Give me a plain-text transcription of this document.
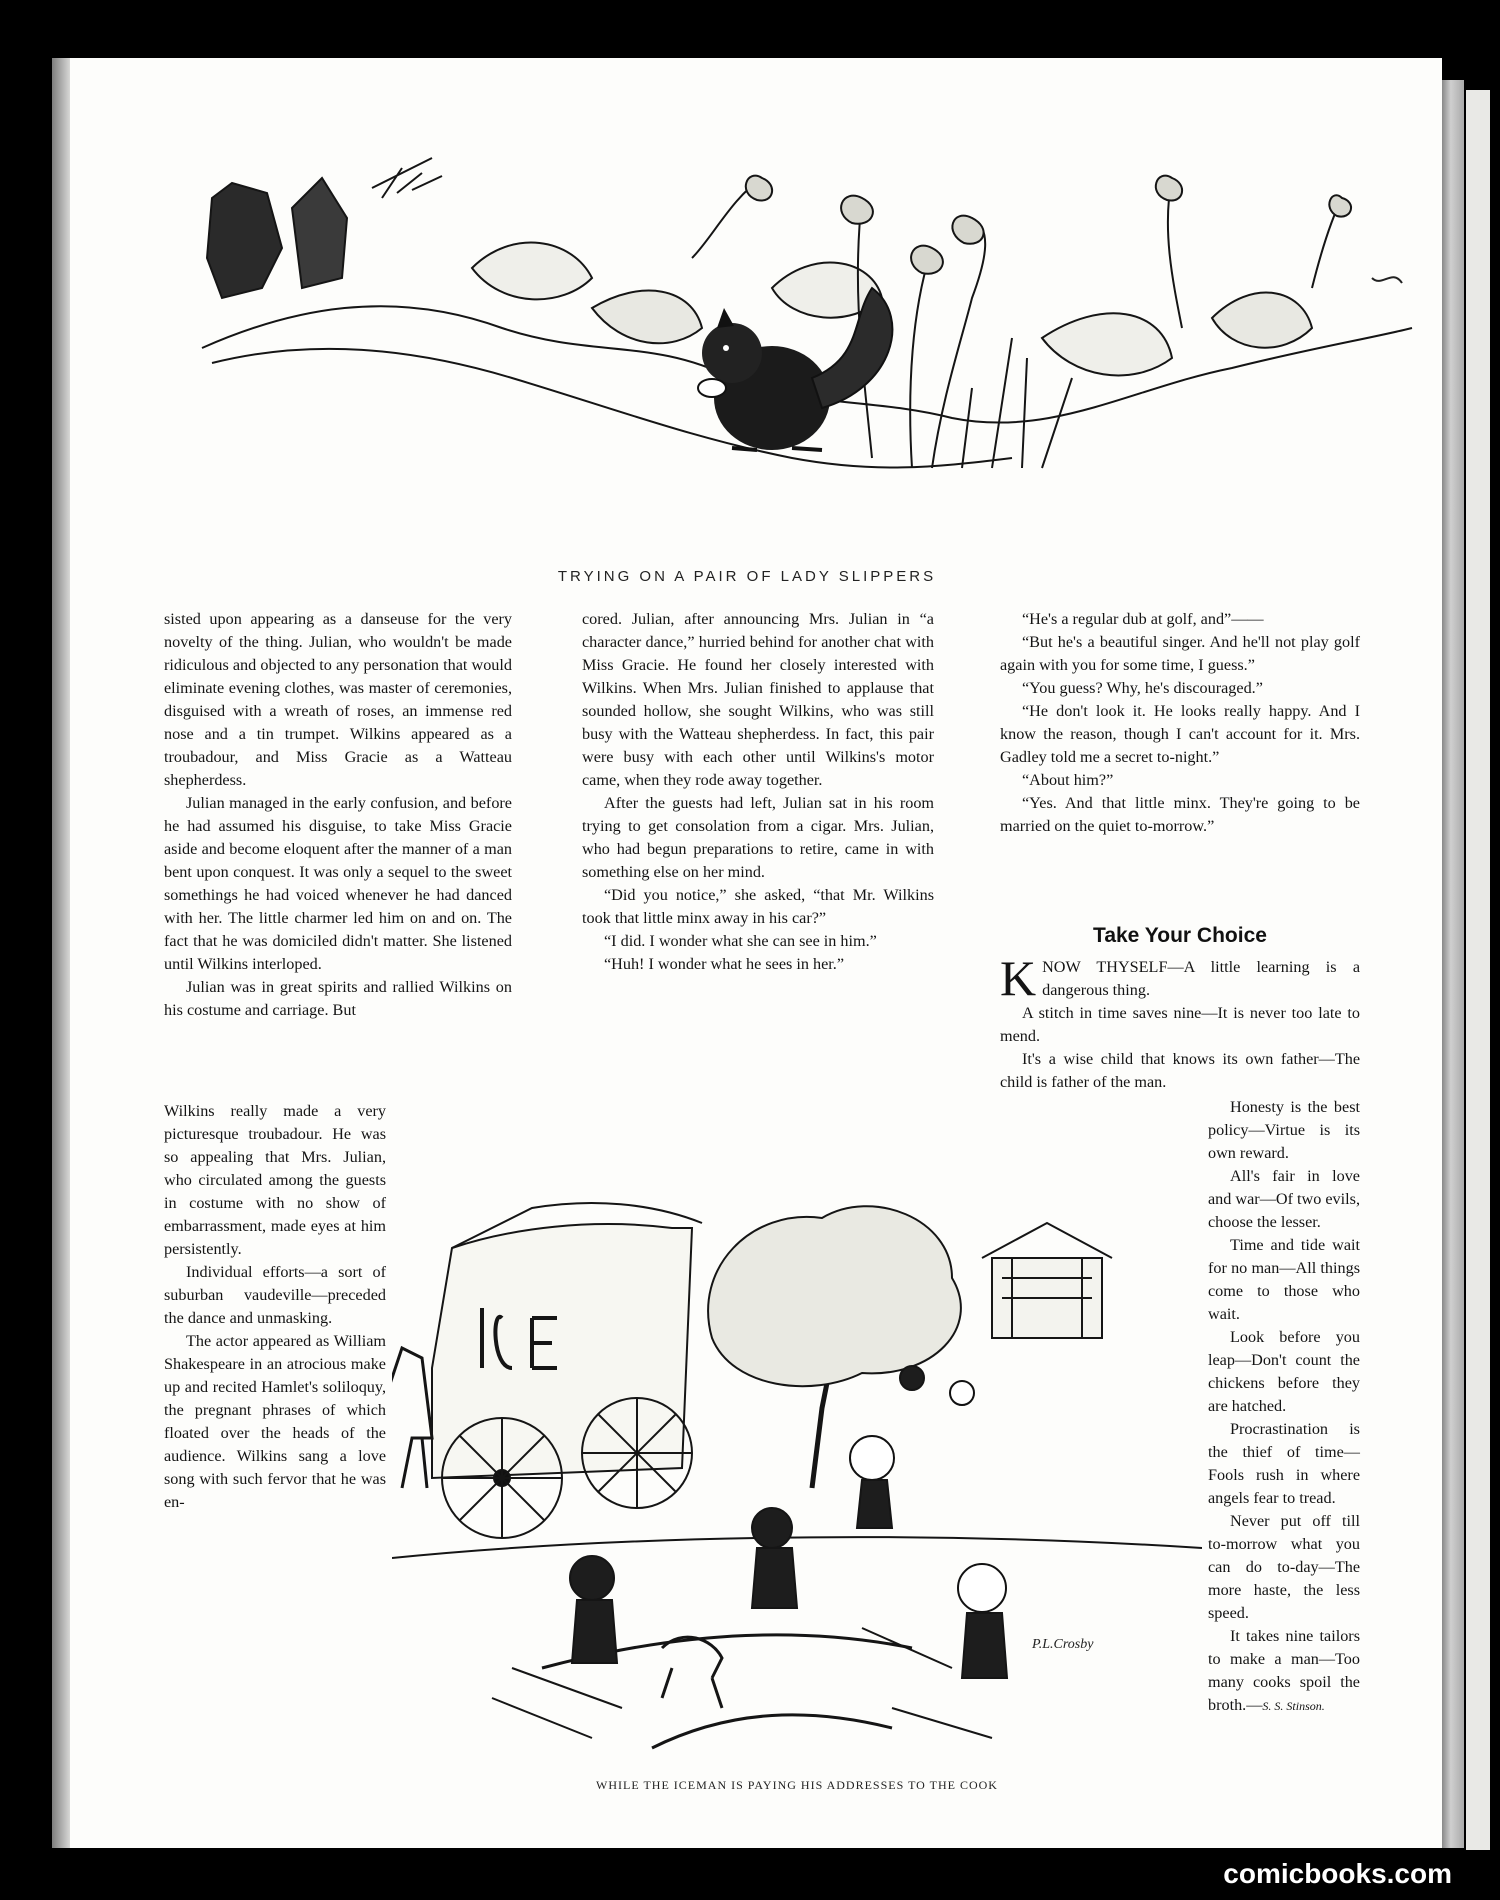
TRYING ON A PAIR OF LADY SLIPPERS

sisted upon appearing as a danseuse for the very novelty of the thing. Julian, who wouldn't be made ridiculous and objected to any personation that would eliminate evening clothes, was master of ceremonies, disguised with a wreath of roses, an immense red nose and a tin trumpet. Wilkins appeared as a troubadour, and Miss Gracie as a Watteau shepherdess.

Julian managed in the early confusion, and before he had assumed his disguise, to take Miss Gracie aside and become eloquent after the manner of a man bent upon conquest. It was only a sequel to the sweet somethings he had voiced whenever he had danced with her. The little charmer led him on and on. The fact that he was domiciled didn't matter. She listened until Wilkins interloped.

Julian was in great spirits and rallied Wilkins on his costume and carriage. But

Wilkins really made a very picturesque troubadour. He was so appealing that Mrs. Julian, who circulated among the guests in costume with no show of embarrassment, made eyes at him persistently.

Individual efforts—a sort of suburban vaudeville—preceded the dance and unmasking.

The actor appeared as William Shakespeare in an atrocious make up and recited Hamlet's soliloquy, the pregnant phrases of which floated over the heads of the audience. Wilkins sang a love song with such fervor that he was en-

cored. Julian, after announcing Mrs. Julian in “a character dance,” hurried behind for another chat with Miss Gracie. He found her closely interested with Wilkins. When Mrs. Julian finished to applause that sounded hollow, she sought Wilkins, who was still busy with the Watteau shepherdess. In fact, this pair were busy with each other until Wilkins's motor came, when they rode away together.

After the guests had left, Julian sat in his room trying to get consolation from a cigar. Mrs. Julian, who had begun preparations to retire, came in with something else on her mind.

“Did you notice,” she asked, “that Mr. Wilkins took that little minx away in his car?”

“I did. I wonder what she can see in him.”

“Huh! I wonder what he sees in her.”

“He's a regular dub at golf, and”——

“But he's a beautiful singer. And he'll not play golf again with you for some time, I guess.”

“You guess? Why, he's discouraged.”

“He don't look it. He looks really happy. And I know the reason, though I can't account for it. Mrs. Gadley told me a secret to-night.”

“About him?”

“Yes. And that little minx. They're going to be married on the quiet to-morrow.”

Take Your Choice

KNOW THYSELF—A little learning is a dangerous thing.

A stitch in time saves nine—It is never too late to mend.

It's a wise child that knows its own father—The child is father of the man.

Honesty is the best policy—Virtue is its own reward.

All's fair in love and war—Of two evils, choose the lesser.

Time and tide wait for no man—All things come to those who wait.

Look before you leap—Don't count the chickens before they are hatched.

Procrastination is the thief of time—Fools rush in where angels fear to tread.

Never put off till to-morrow what you can do to-day—The more haste, the less speed.

It takes nine tailors to make a man—Too many cooks spoil the broth.—S. S. Stinson.

P.L.Crosby
WHILE THE ICEMAN IS PAYING HIS ADDRESSES TO THE COOK
comicbooks.com
